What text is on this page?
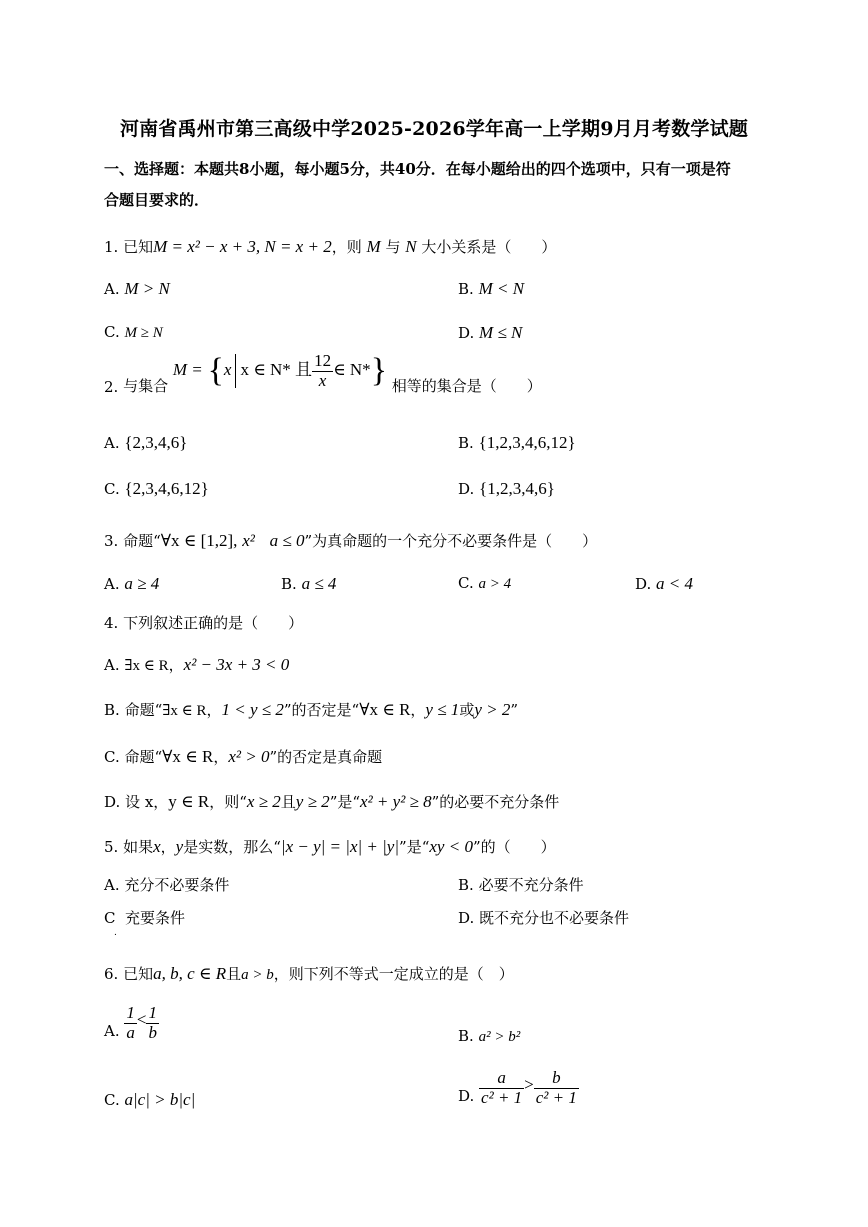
河南省禹州市第三高级中学2025-2026学年高一上学期9月月考数学试题
一、选择题：本题共8小题，每小题5分，共40分．在每小题给出的四个选项中，只有一项是符
合题目要求的．
1. 已知M = x² − x + 3, N = x + 2，则 M 与 N 大小关系是（　　）
A. M > N	B. M < N
C. M ≥ N	D. M ≤ N
2. 与集合 M = {x x ∈ N* 且 $\frac{12}{x}$ ∈ N*} 相等的集合是（　　）
A. {2,3,4,6}	B. {1,2,3,4,6,12}
C. {2,3,4,6,12}	D. {1,2,3,4,6}
3. 命题“∀x ∈ [1,2], x² a ≤ 0”为真命题的一个充分不必要条件是（　　）
A. a ≥ 4	B. a ≤ 4	C. a > 4	D. a < 4
4. 下列叙述正确的是（　　）
A. ∃x ∈ R，x² − 3x + 3 < 0
B. 命题“∃x ∈ R，1 < y ≤ 2”的否定是“∀x ∈ R，y ≤ 1或y > 2”
C. 命题“∀x ∈ R，x² > 0”的否定是真命题
D. 设 x，y ∈ R，则“x ≥ 2且y ≥ 2”是“x² + y² ≥ 8”的必要不充分条件
5. 如果x，y是实数，那么“|x − y| = |x| + |y|”是“xy < 0”的（　　）
A. 充分不必要条件	B. 必要不充分条件
C 充要条件	D. 既不充分也不必要条件
.
6. 已知a, b, c ∈ R且a > b，则下列不等式一定成立的是（　）
A. $\frac{1}{a} < \frac{1}{b}$	B. a² > b²
C. a|c| > b|c|	D. $\frac{a}{\text{c² + 1}} > \frac{b}{\text{c² + 1}}$
